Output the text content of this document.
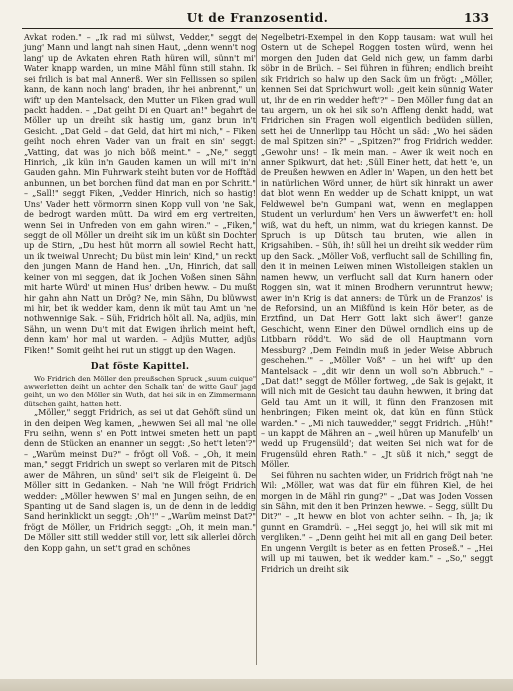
Ut de Franzosentid.	133

Avkat roden." – „Ik rad mi sülwst, Vedder," seggt de jung' Mann und langt nah sinen Haut, „denn wenn't nog lang' up de Avkaten ehren Rath hüren will, sünn't mi' Water knapp warden, un mine Mähl fünn still stahn. Ik sei frilich is bat mal Annerß. Wer sin Fellissen so spilen kann, de kann noch lang' braden, ihr hei anbrennt," un wift' up den Mantelsack, den Mutter un Fiken grad wull packt hadden. – „Dat geiht Di en Quart an!" begahrt de Möller up un dreiht sik hastig um, ganz brun in't Gesicht. „Dat Geld – dat Geld, dat hirt mi nich," – Fiken geiht noch ehren Vader van un frait en sin' seggt: „Vatting, dat was jo nich böß meint." – „Ne," seggt Hinrich, „ik kün in'n Gauden kamen un will mi't in'n Gauden gahn. Min Fuhrwark steiht buten vor de Hofftäd anbunnen, un bet borchen fünd dat man en por Schritt." – „Sall!" seggt Fiken, „Vedder Hinrich, nich so hastig! Uns' Vader hett vörmorrn sinen Kopp vull von 'ne Sak, de bedrogt warden mütt. Da wird em erg vertreiten, wenn Sei in Unfreden von em gahn wiren." – „Fiken," seggt de oll Möller un dreiht sik im un küßt sin Dochter up de Stirn, „Du hest hüt morrn all sowiel Recht hatt, un ik tweiwal Unrecht; Du büst min lein' Kind," un reckt den jungen Mann de Hand hen. „Un, Hinrich, dat sall keiner von mi seggen, dat ik Jochen Voßen sinen Sähn mit harte Würd' ut minen Hus' driben heww. – Du mußt hir gahn ahn Natt un Drög? Ne, min Sähn, Du blüwwst mi hir, bet ik wedder kam, denn ik müt tau Amt un 'ne nothwennige Sak. – Süh, Fridrich hölt all. Na, adjüs, min Sähn, un wenn Du't mit dat Ewigen ihrlich meint heft, denn kam' hor mal ut warden. – Adjüs Mutter, adjüs Fiken!" Somit geiht hei rut un stiggt up den Wagen.

Dat föste Kapittel.

Wo Fridrich den Möller den preußschen Spruck „suum cuique" awwerletten deiht un achter den Schalk tan' de witte Gaul' jagd geiht, un wo den Möller sin Wuth, dat hei sik in en Zimmermann dütschen gaiht, hatten hett.

„Möller," seggt Fridrich, as sei ut dat Gehöft sünd un in den deipen Weg kamen, „hewwen Sei all mal 'ne olle Fru seihn, wenn s' en Pott intwei smeten hett un papt denn de Stücken an enanner un seggt: ‚So het't leten'?" – „Warüm meinst Du?" – frögt oll Voß. – „Oh, it mein man," seggt Fridrich un swept so verlaren mit de Pitsch awer de Mähren, un sünd' sei't sik de Fleigeint ü. De Möller sitt in Gedanken. – Nah 'ne Will frögt Fridrich wedder: „Möller hewwen S' mal en Jungen seihn, de en Spanting ut de Sand slagen is, un de denn in de leddig Sand herinklickt un seggt: ‚Oh'!" – „Warüm meinst Dat?" frögt de Möller, un Fridrich seggt: „Oh, it mein man." De Möller sitt still wedder still vor, lett sik allerlei dörch den Kopp gahn, un set't grad en schönes

Negelbetri-Exempel in den Kopp tausam: wat wull hei Ostern ut de Schepel Roggen tosten würd, wenn hei morgen den Juden dat Geld nich gew, un famm darbi söbr in de Brüch. – Sei führen in führen; endlich breiht sik Fridrich so halw up den Sack üm un frögt: „Möller, kennen Sei dat Sprichwurt woll: ‚geit kein sünnig Water ut, ihr de en rin wedder heft'?" – Den Möller fung dat an tau argern, un ok hei sik so'n Affleng denkt hadd, wat Fridrichen sin Fragen woll eigentlich bedüden süllen, sett hei de Unnerlipp tau Höcht un säd: „Wo hei säden de mal Spitzen sin?" – „Spitzen?" frog Fridrich wedder. „Gewohr uns! – Ik mein man. – Awer ik weit noch en anner Spikwurt, dat het: ‚Süll Einer hett, dat hett 'e, un de Preußen hewwen en Adler in' Wapen, un den hett bet in natürlichen Wörd unner, de hürt sik hinrakt un awer dat blot wenn En wedder up de Schatt knippt, un wat Feldwewel be'n Gumpani wat, wenn en meglappen Student un verlurdum' hen Vers un äwwerfet't en: holl wiß, wat du heft, un nimm, wat du kriegen kannst. De Spruch is up Dütsch tau bruten, wie allen in Krigsahiben. – Süh, ih! süll hei un dreiht sik wedder rüm up den Sack. „Möller Voß, verflucht sall de Schilling fin, den it in meinen Leiwen minen Wistolleigen staklen un namen heww, un verflucht sall dat Kurn hanern oder Roggen sin, wat it minen Brodhern verunntrut heww; awer in'n Krig is dat anners: de Türk un de Franzos' is de Reforsind, un an Mißfünd is kein Hör beter, as de Erztfind, un Dat Herr Gott lakt sich äwer'! ganze Geschicht, wenn Einer den Düwel orndlich eins up de Litbbarn rödd't. Wo säd de oll Hauptmann vorn Messburg? ‚Dem Feindin muß in jeder Weise Abbruch geschehen.'" – „Möller Voß" – un hei wift' up den Mantelsack – „dit wir denn un woll so'n Abbruch." – „Dat dat!" seggt de Möller fortweg, „de Sak is gejakt, it will nich mit de Gesicht tau dauhn hewwen, it bring dat Geld tau Amt un it will, it fünn den Franzosen mit henbringen; Fiken meint ok, dat kün en fünn Stück warden." – „Mi nich tauwedder," seggt Fridrich. „Hüh!" – un kappt de Mähren an – „weil hüren up Manufelb' un wedd up Frugensüld'; dat weiten Sei nich wat for de Frugensüld ehren Rath." – „Jt süß it nich," seggt de Möller.

Sei führen nu sachten wider, un Fridrich frögt nah 'ne Wil: „Möller, wat was dat für ein führen Kiel, de hei morgen in de Mähl rin gung?" – „Dat was Joden Vossen sin Sähn, mit den it ben Prinzen hewwe. – Segg, süllt Du Dit?" – „It heww en blot von achter seihn. – Ih, ja; ik gunnt en Gramdrü. – „Hei seggt jo, hei will sik mit mi vergliken." – „Denn geiht hei mit all en gang Deil beter. En ungenn Vergilt is beter as en fetten Proseß." – „Hei will up mi tauwen, bet ik wedder kam." – „So," seggt Fridrich un dreiht sik
